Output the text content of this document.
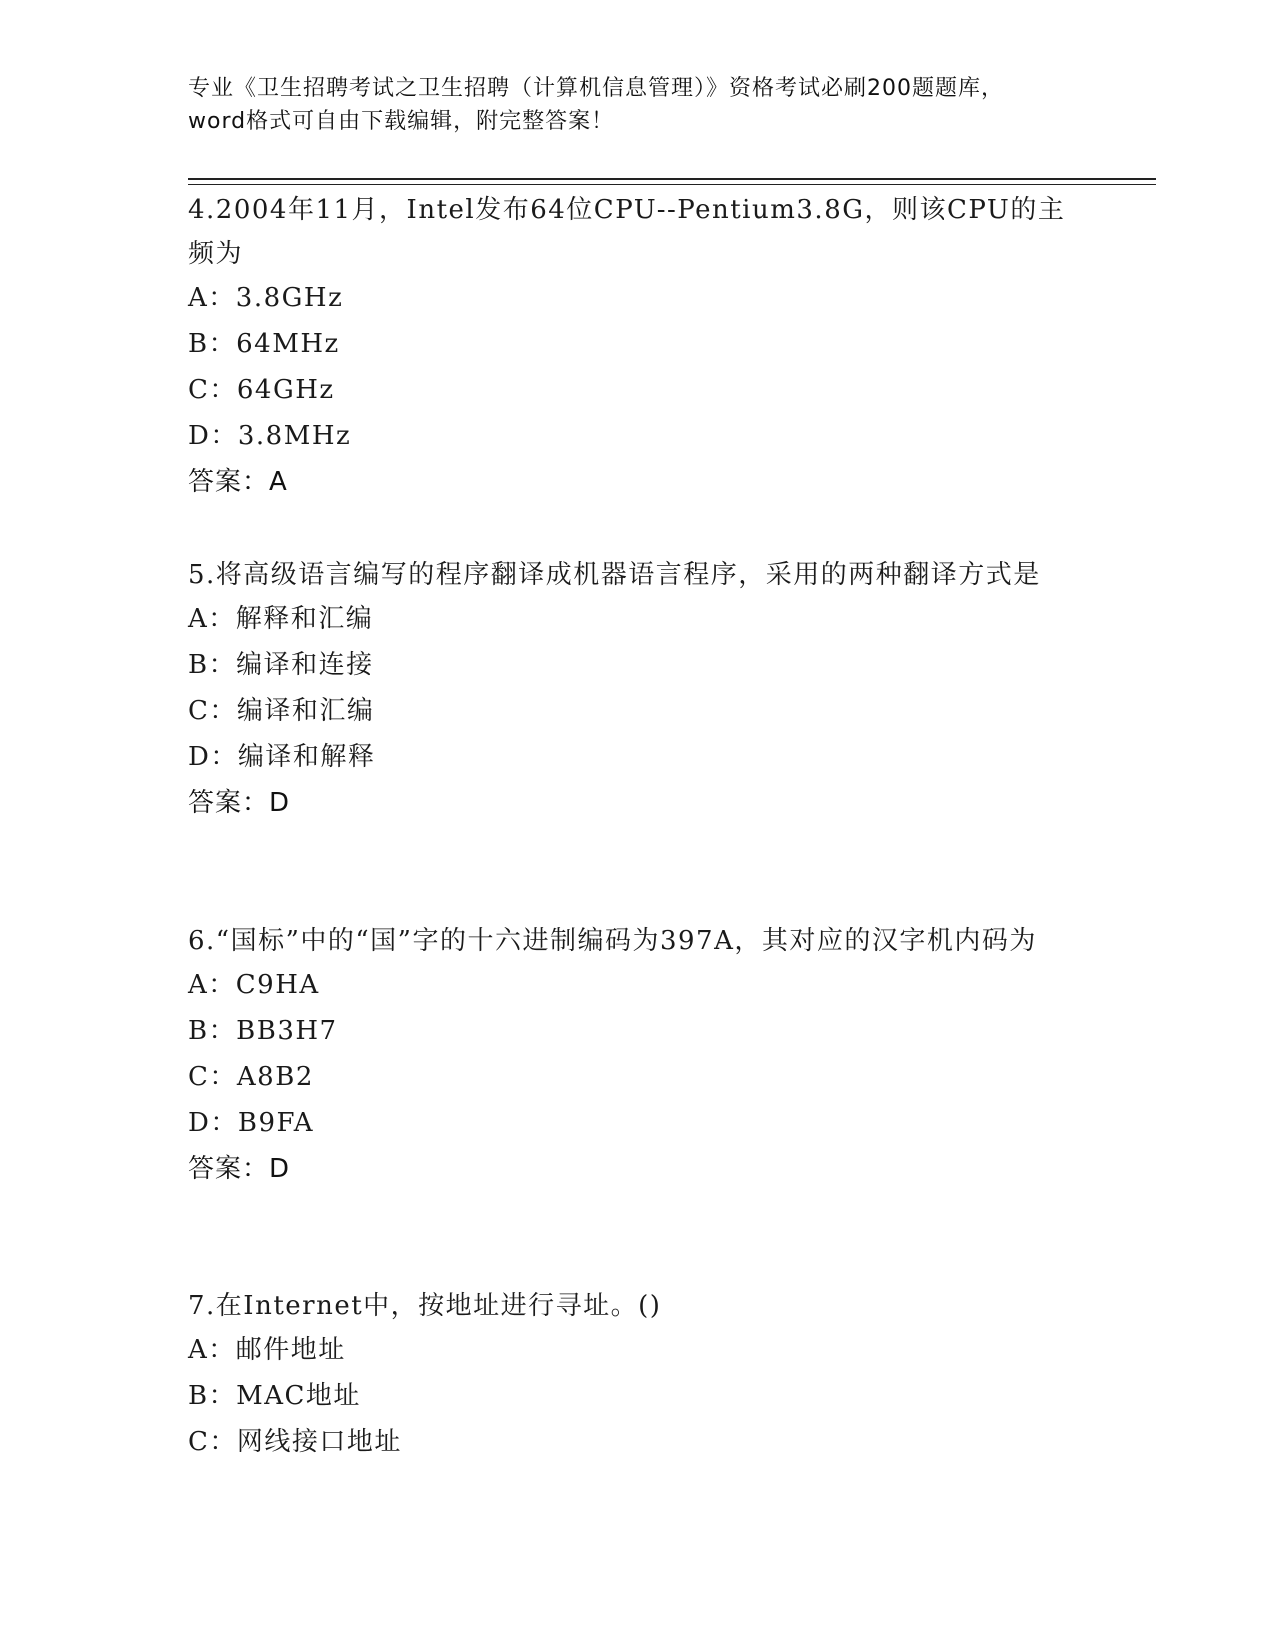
专业《卫生招聘考试之卫生招聘（计算机信息管理）》资格考试必刷200题题库，
word格式可自由下载编辑，附完整答案！
4.2004年11月，Intel发布64位CPU--Pentium3.8G，则该CPU的主频为
A：3.8GHz
B：64MHz
C：64GHz
D：3.8MHz
答案：A
5.将高级语言编写的程序翻译成机器语言程序，采用的两种翻译方式是
A：解释和汇编
B：编译和连接
C：编译和汇编
D：编译和解释
答案：D
6.“国标”中的“国”字的十六进制编码为397A，其对应的汉字机内码为
A：C9HA
B：BB3H7
C：A8B2
D：B9FA
答案：D
7.在Internet中，按地址进行寻址。()
A：邮件地址
B：MAC地址
C：网线接口地址
